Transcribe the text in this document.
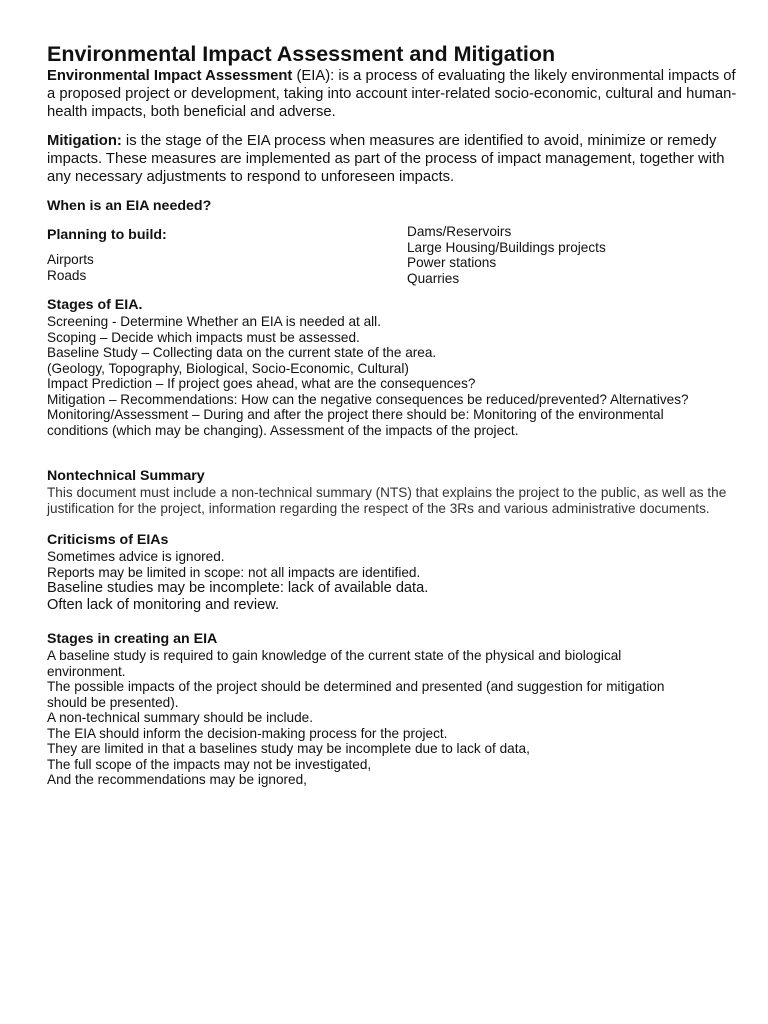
Environmental Impact Assessment and Mitigation

Environmental Impact Assessment (EIA): is a process of evaluating the likely environmental impacts of a proposed project or development, taking into account inter-related socio-economic, cultural and human-health impacts, both beneficial and adverse.

Mitigation: is the stage of the EIA process when measures are identified to avoid, minimize or remedy impacts. These measures are implemented as part of the process of impact management, together with any necessary adjustments to respond to unforeseen impacts.

When is an EIA needed?

Planning to build:

Airports

Roads

Dams/Reservoirs

Large Housing/Buildings projects

Power stations

Quarries

Stages of EIA.

Screening - Determine Whether an EIA is needed at all.

Scoping – Decide which impacts must be assessed.

Baseline Study – Collecting data on the current state of the area.

(Geology, Topography, Biological, Socio-Economic, Cultural)

Impact Prediction – If project goes ahead, what are the consequences?

Mitigation – Recommendations: How can the negative consequences be reduced/prevented? Alternatives?

Monitoring/Assessment – During and after the project there should be: Monitoring of the environmental

conditions (which may be changing). Assessment of the impacts of the project.

Nontechnical Summary

This document must include a non-technical summary (NTS) that explains the project to the public, as well as the justification for the project, information regarding the respect of the 3Rs and various administrative documents.

Criticisms of EIAs

Sometimes advice is ignored.

Reports may be limited in scope: not all impacts are identified.

Baseline studies may be incomplete: lack of available data.

Often lack of monitoring and review.

Stages in creating an EIA

A baseline study is required to gain knowledge of the current state of the physical and biological environment.

The possible impacts of the project should be determined and presented (and suggestion for mitigation should be presented).

A non-technical summary should be include.

The EIA should inform the decision-making process for the project.

They are limited in that a baselines study may be incomplete due to lack of data,

The full scope of the impacts may not be investigated,

And the recommendations may be ignored,
